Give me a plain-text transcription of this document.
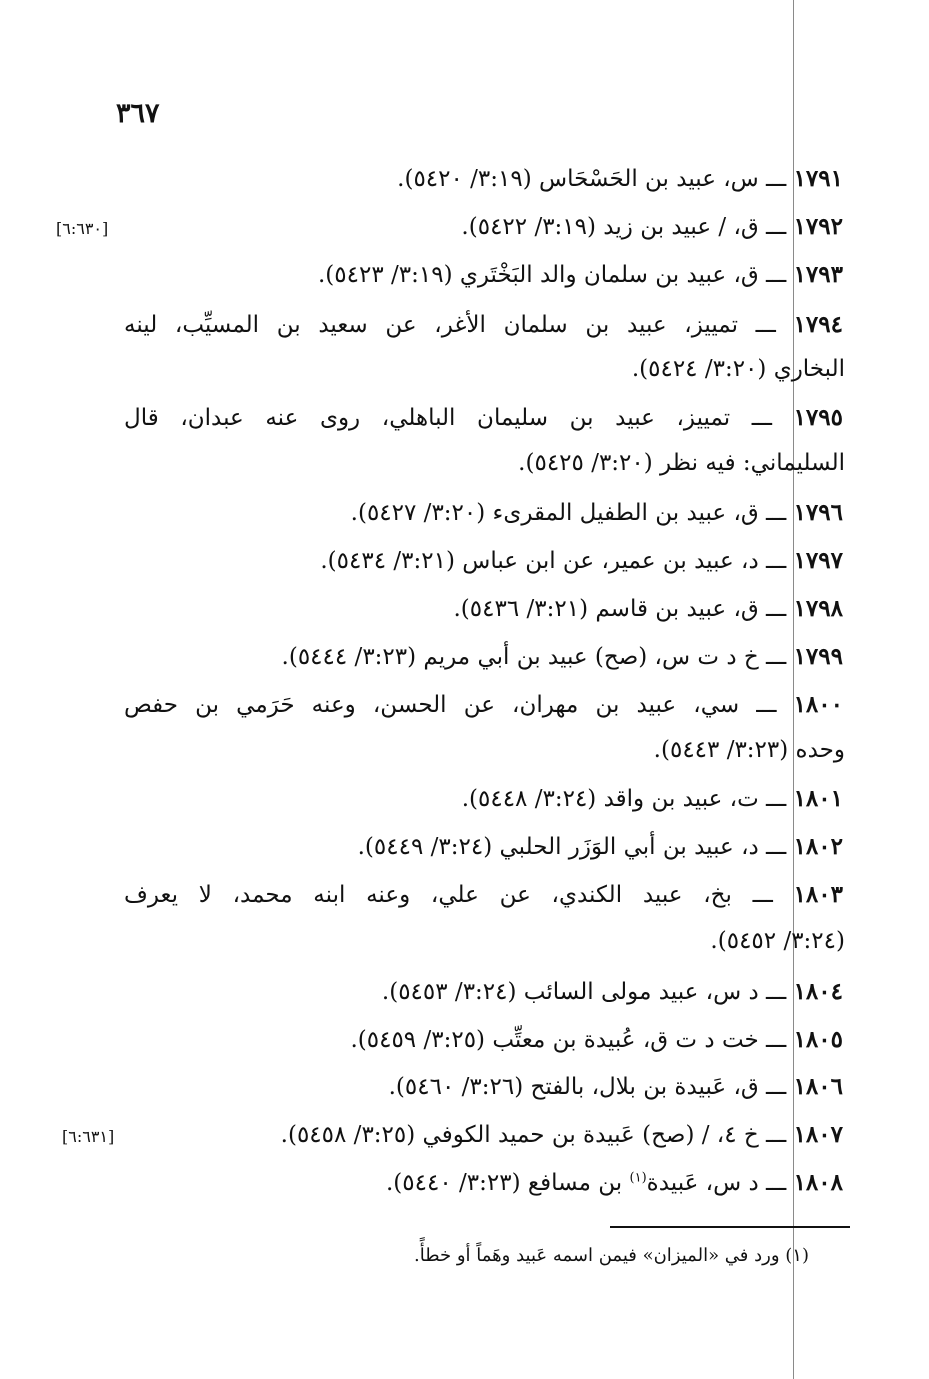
٣٦٧
١٧٩١ ـــ س، عبيد بن الحَسْحَاس (٣:١٩/ ٥٤٢٠).
١٧٩٢ ـــ ق، / عبيد بن زيد (٣:١٩/ ٥٤٢٢).
[٦:٦٣٠]
١٧٩٣ ـــ ق، عبيد بن سلمان والد البَخْتَري (٣:١٩/ ٥٤٢٣).
١٧٩٤ ـــ تمييز، عبيد بن سلمان الأغر، عن سعيد بن المسيِّب، لينه
البخاري (٣:٢٠/ ٥٤٢٤).
١٧٩٥ ـــ تمييز، عبيد بن سليمان الباهلي، روى عنه عبدان، قال
السليماني: فيه نظر (٣:٢٠/ ٥٤٢٥).
١٧٩٦ ـــ ق، عبيد بن الطفيل المقرىء (٣:٢٠/ ٥٤٢٧).
١٧٩٧ ـــ د، عبيد بن عمير، عن ابن عباس (٣:٢١/ ٥٤٣٤).
١٧٩٨ ـــ ق، عبيد بن قاسم (٣:٢١/ ٥٤٣٦).
١٧٩٩ ـــ خ د ت س، (صح) عبيد بن أبي مريم (٣:٢٣/ ٥٤٤٤).
١٨٠٠ ـــ سي، عبيد بن مهران، عن الحسن، وعنه حَرَمي بن حفص
وحده (٣:٢٣/ ٥٤٤٣).
١٨٠١ ـــ ت، عبيد بن واقد (٣:٢٤/ ٥٤٤٨).
١٨٠٢ ـــ د، عبيد بن أبي الوَزَر الحلبي (٣:٢٤/ ٥٤٤٩).
١٨٠٣ ـــ بخ، عبيد الكندي، عن علي، وعنه ابنه محمد، لا يعرف
(٣:٢٤/ ٥٤٥٢).
١٨٠٤ ـــ د س، عبيد مولى السائب (٣:٢٤/ ٥٤٥٣).
١٨٠٥ ـــ خت د ت ق، عُبيدة بن معتِّب (٣:٢٥/ ٥٤٥٩).
١٨٠٦ ـــ ق، عَبيدة بن بلال، بالفتح (٣:٢٦/ ٥٤٦٠).
١٨٠٧ ـــ خ ٤، / (صح) عَبيدة بن حميد الكوفي (٣:٢٥/ ٥٤٥٨).
[٦:٦٣١]
١٨٠٨ ـــ د س، عَبيدة$^{(١)}$ بن مسافع (٣:٢٣/ ٥٤٤٠).
(١) ورد في «الميزان» فيمن اسمه عَبيد وهَماً أو خطأً.
